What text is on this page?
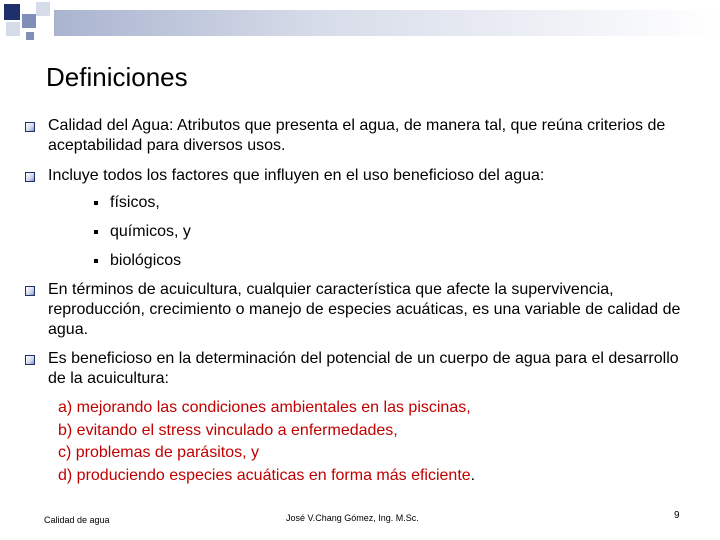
Definiciones
Calidad del Agua: Atributos que presenta el agua, de manera tal, que reúna criterios de aceptabilidad para diversos usos.
Incluye todos los factores que influyen en el uso beneficioso del agua:
físicos,
químicos, y
biológicos
En términos de acuicultura, cualquier característica que afecte la supervivencia, reproducción, crecimiento o manejo de especies acuáticas, es una variable de calidad de agua.
Es beneficioso en la determinación del potencial de un cuerpo de agua para el desarrollo de la acuicultura:
a) mejorando las condiciones ambientales en las piscinas,
b) evitando el stress vinculado a enfermedades,
c) problemas de parásitos, y
d) produciendo especies acuáticas en forma más eficiente.
Calidad de agua	José V.Chang Gómez, Ing. M.Sc.	9
